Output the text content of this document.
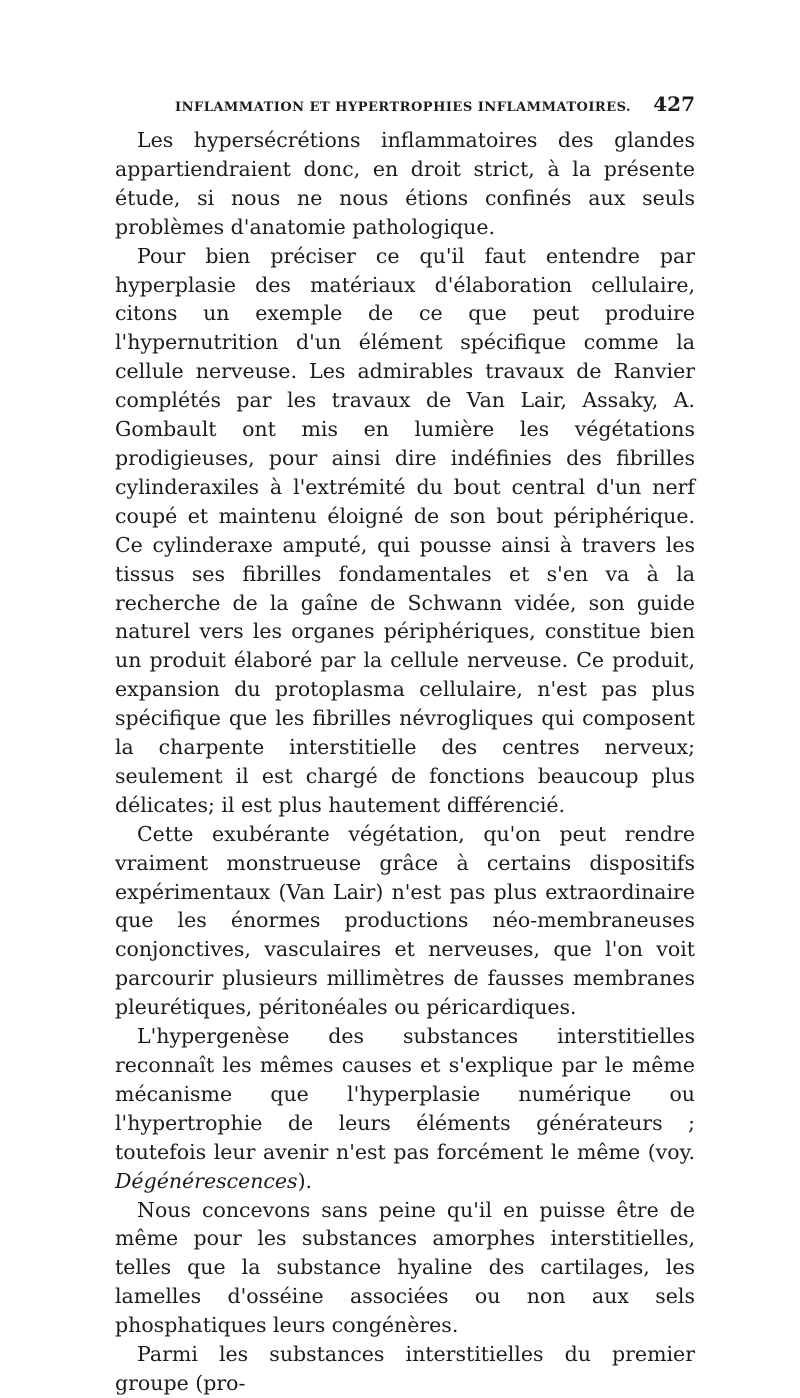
INFLAMMATION ET HYPERTROPHIES INFLAMMATOIRES. 427

Les hypersécrétions inflammatoires des glandes appartiendraient donc, en droit strict, à la présente étude, si nous ne nous étions confinés aux seuls problèmes d'anatomie pathologique.

Pour bien préciser ce qu'il faut entendre par hyperplasie des matériaux d'élaboration cellulaire, citons un exemple de ce que peut produire l'hypernutrition d'un élément spécifique comme la cellule nerveuse. Les admirables travaux de Ranvier complétés par les travaux de Van Lair, Assaky, A. Gombault ont mis en lumière les végétations prodigieuses, pour ainsi dire indéfinies des fibrilles cylinderaxiles à l'extrémité du bout central d'un nerf coupé et maintenu éloigné de son bout périphérique. Ce cylinderaxe amputé, qui pousse ainsi à travers les tissus ses fibrilles fondamentales et s'en va à la recherche de la gaîne de Schwann vidée, son guide naturel vers les organes périphériques, constitue bien un produit élaboré par la cellule nerveuse. Ce produit, expansion du protoplasma cellulaire, n'est pas plus spécifique que les fibrilles névrogliques qui composent la charpente interstitielle des centres nerveux; seulement il est chargé de fonctions beaucoup plus délicates; il est plus hautement différencié.

Cette exubérante végétation, qu'on peut rendre vraiment monstrueuse grâce à certains dispositifs expérimentaux (Van Lair) n'est pas plus extraordinaire que les énormes productions néo-membraneuses conjonctives, vasculaires et nerveuses, que l'on voit parcourir plusieurs millimètres de fausses membranes pleurétiques, péritonéales ou péricardiques.

L'hypergenèse des substances interstitielles reconnaît les mêmes causes et s'explique par le même mécanisme que l'hyperplasie numérique ou l'hypertrophie de leurs éléments générateurs ; toutefois leur avenir n'est pas forcément le même (voy. Dégénérescences).

Nous concevons sans peine qu'il en puisse être de même pour les substances amorphes interstitielles, telles que la substance hyaline des cartilages, les lamelles d'osséine associées ou non aux sels phosphatiques leurs congénères.

Parmi les substances interstitielles du premier groupe (pro-
